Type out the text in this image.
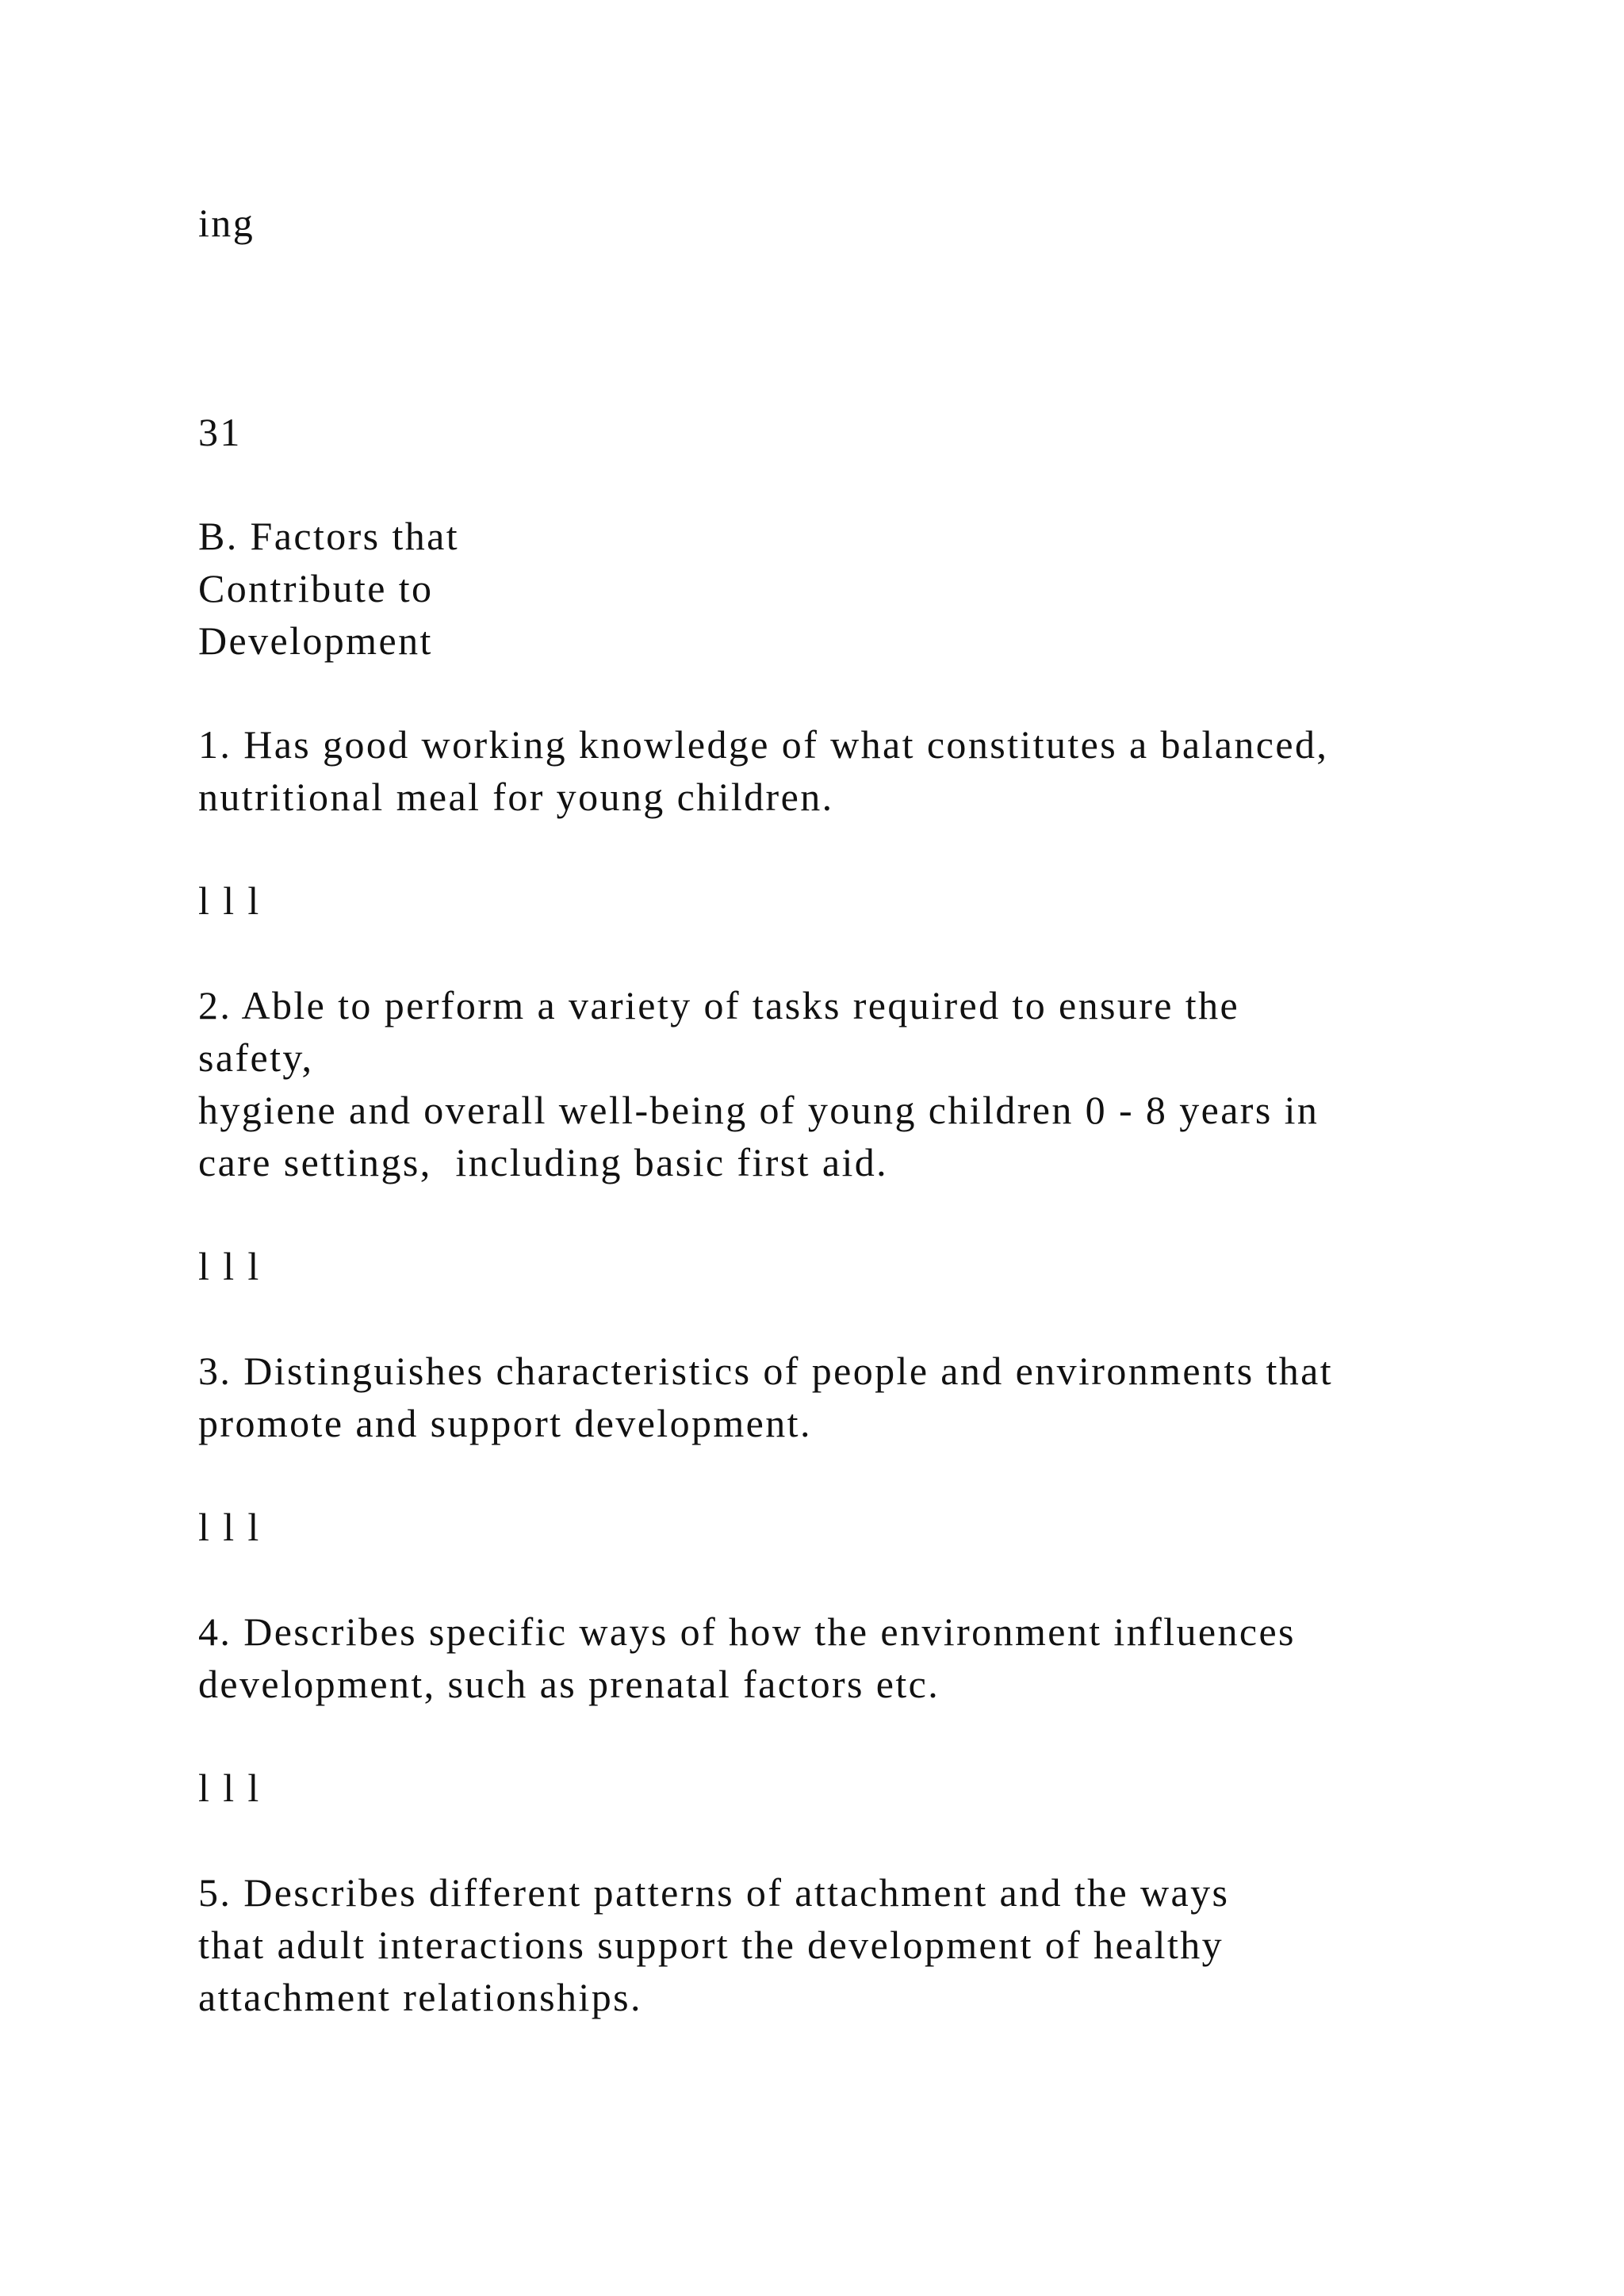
ing

31

B. Factors that

Contribute to

Development

1. Has good working knowledge of what constitutes a balanced,

nutritional meal for young children.

l l l

2. Able to perform a variety of tasks required to ensure the

safety,

hygiene and overall well-being of young children 0 - 8 years in

care settings,  including basic first aid.

l l l

3. Distinguishes characteristics of people and environments that

promote and support development.

l l l

4. Describes specific ways of how the environment influences

development, such as prenatal factors etc.

l l l

5. Describes different patterns of attachment and the ways

that adult interactions support the development of healthy

attachment relationships.
